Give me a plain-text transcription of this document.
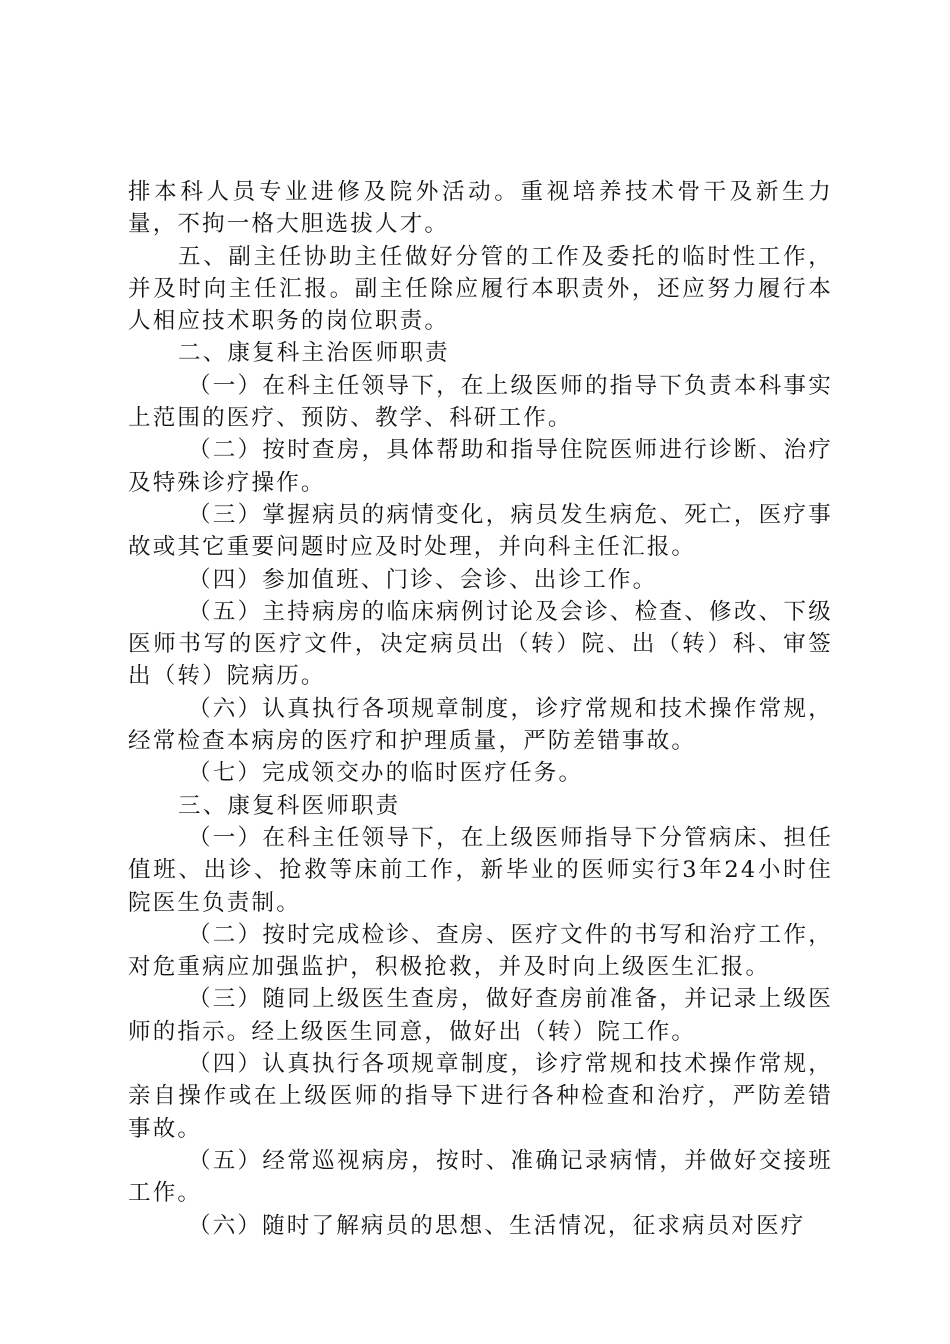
排本科人员专业进修及院外活动。重视培养技术骨干及新生力量，不拘一格大胆选拔人才。

五、副主任协助主任做好分管的工作及委托的临时性工作，并及时向主任汇报。副主任除应履行本职责外，还应努力履行本人相应技术职务的岗位职责。

二、康复科主治医师职责

（一）在科主任领导下，在上级医师的指导下负责本科事实上范围的医疗、预防、教学、科研工作。

（二）按时查房，具体帮助和指导住院医师进行诊断、治疗及特殊诊疗操作。

（三）掌握病员的病情变化，病员发生病危、死亡，医疗事故或其它重要问题时应及时处理，并向科主任汇报。

（四）参加值班、门诊、会诊、出诊工作。

（五）主持病房的临床病例讨论及会诊、检查、修改、下级医师书写的医疗文件，决定病员出（转）院、出（转）科、审签出（转）院病历。

（六）认真执行各项规章制度，诊疗常规和技术操作常规，经常检查本病房的医疗和护理质量，严防差错事故。

（七）完成领交办的临时医疗任务。

三、康复科医师职责

（一）在科主任领导下，在上级医师指导下分管病床、担任值班、出诊、抢救等床前工作，新毕业的医师实行3年24小时住院医生负责制。

（二）按时完成检诊、查房、医疗文件的书写和治疗工作，对危重病应加强监护，积极抢救，并及时向上级医生汇报。

（三）随同上级医生查房，做好查房前准备，并记录上级医师的指示。经上级医生同意，做好出（转）院工作。

（四）认真执行各项规章制度，诊疗常规和技术操作常规，亲自操作或在上级医师的指导下进行各种检查和治疗，严防差错事故。

（五）经常巡视病房，按时、准确记录病情，并做好交接班工作。

（六）随时了解病员的思想、生活情况，征求病员对医疗
